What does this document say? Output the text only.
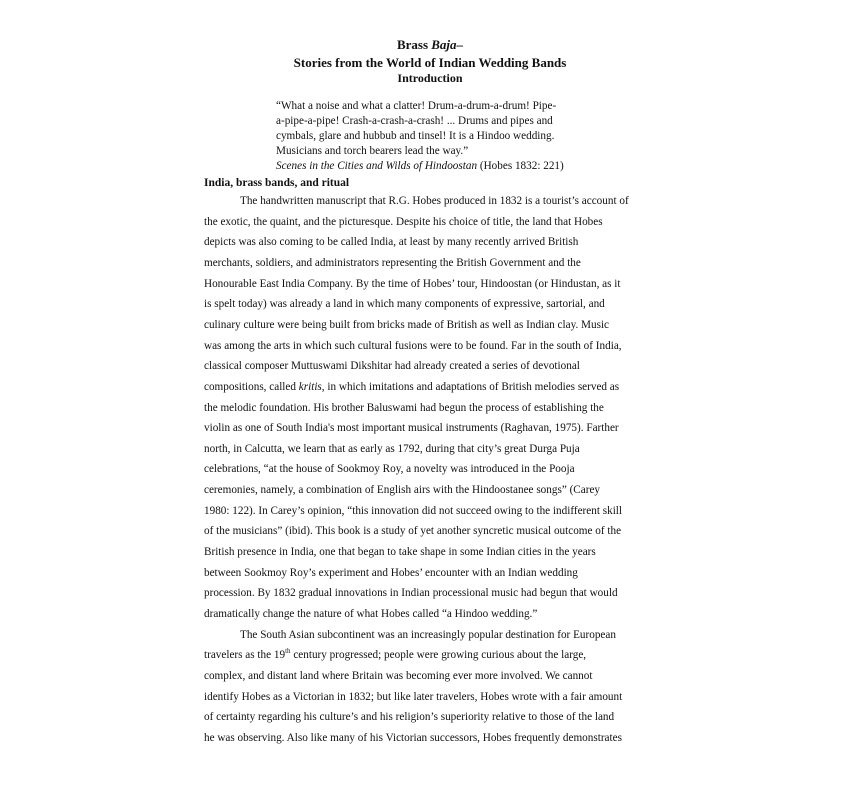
Brass Baja–
Stories from the World of Indian Wedding Bands
Introduction
“What a noise and what a clatter! Drum-a-drum-a-drum! Pipe-
a-pipe-a-pipe! Crash-a-crash-a-crash! ... Drums and pipes and
cymbals, glare and hubbub and tinsel! It is a Hindoo wedding.
Musicians and torch bearers lead the way.”
Scenes in the Cities and Wilds of Hindoostan (Hobes 1832: 221)
India, brass bands, and ritual
The handwritten manuscript that R.G. Hobes produced in 1832 is a tourist’s account of
the exotic, the quaint, and the picturesque. Despite his choice of title, the land that Hobes
depicts was also coming to be called India, at least by many recently arrived British
merchants, soldiers, and administrators representing the British Government and the
Honourable East India Company. By the time of Hobes’ tour, Hindoostan (or Hindustan, as it
is spelt today) was already a land in which many components of expressive, sartorial, and
culinary culture were being built from bricks made of British as well as Indian clay. Music
was among the arts in which such cultural fusions were to be found. Far in the south of India,
classical composer Muttuswami Dikshitar had already created a series of devotional
compositions, called kritis, in which imitations and adaptations of British melodies served as
the melodic foundation. His brother Baluswami had begun the process of establishing the
violin as one of South India's most important musical instruments (Raghavan, 1975). Farther
north, in Calcutta, we learn that as early as 1792, during that city’s great Durga Puja
celebrations, “at the house of Sookmoy Roy, a novelty was introduced in the Pooja
ceremonies, namely, a combination of English airs with the Hindoostanee songs” (Carey
1980: 122). In Carey’s opinion, “this innovation did not succeed owing to the indifferent skill
of the musicians” (ibid). This book is a study of yet another syncretic musical outcome of the
British presence in India, one that began to take shape in some Indian cities in the years
between Sookmoy Roy’s experiment and Hobes’ encounter with an Indian wedding
procession. By 1832 gradual innovations in Indian processional music had begun that would
dramatically change the nature of what Hobes called “a Hindoo wedding.”
The South Asian subcontinent was an increasingly popular destination for European
travelers as the 19th century progressed; people were growing curious about the large,
complex, and distant land where Britain was becoming ever more involved. We cannot
identify Hobes as a Victorian in 1832; but like later travelers, Hobes wrote with a fair amount
of certainty regarding his culture’s and his religion’s superiority relative to those of the land
he was observing. Also like many of his Victorian successors, Hobes frequently demonstrates
